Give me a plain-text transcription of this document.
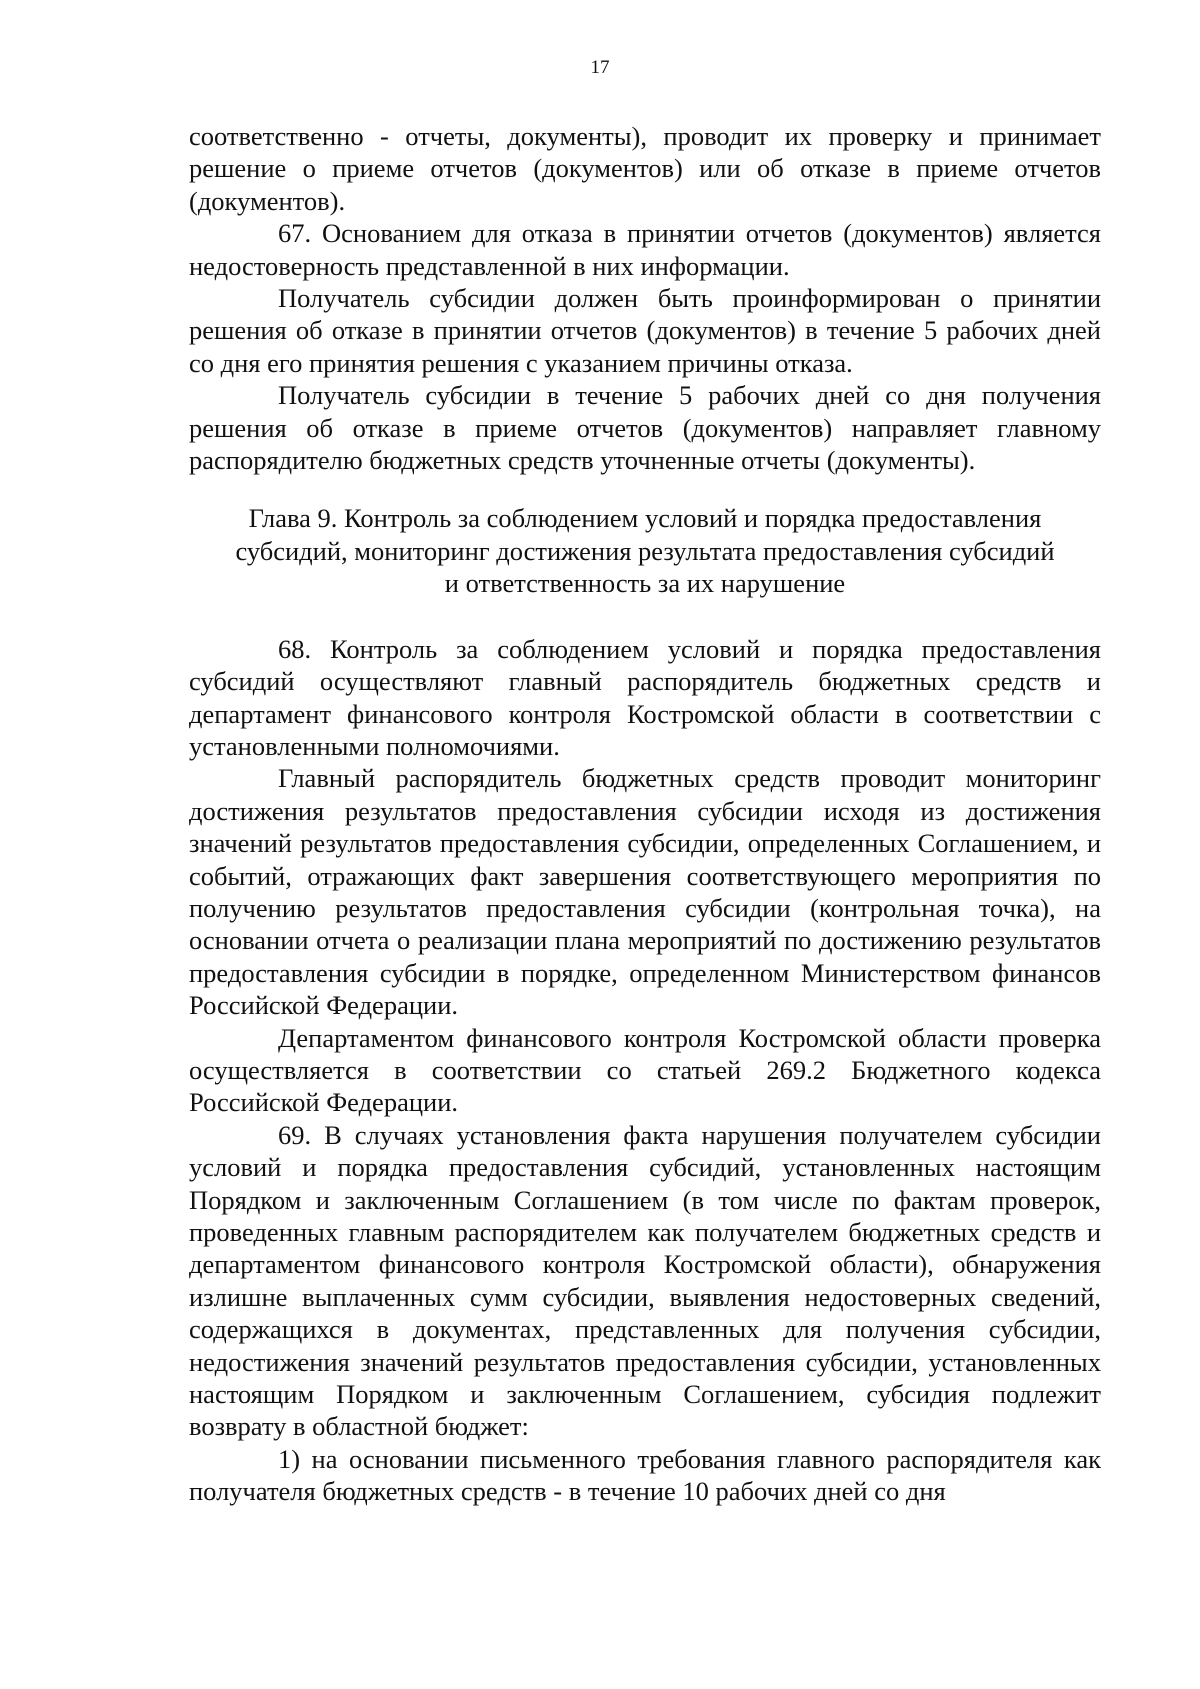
17

соответственно - отчеты, документы), проводит их проверку и принимает решение о приеме отчетов (документов) или об отказе в приеме отчетов (документов).

67. Основанием для отказа в принятии отчетов (документов) является недостоверность представленной в них информации.

Получатель субсидии должен быть проинформирован о принятии решения об отказе в принятии отчетов (документов) в течение 5 рабочих дней со дня его принятия решения с указанием причины отказа.

Получатель субсидии в течение 5 рабочих дней со дня получения решения об отказе в приеме отчетов (документов) направляет главному распорядителю бюджетных средств уточненные отчеты (документы).

Глава 9. Контроль за соблюдением условий и порядка предоставления
субсидий, мониторинг достижения результата предоставления субсидий
и ответственность за их нарушение

68. Контроль за соблюдением условий и порядка предоставления субсидий осуществляют главный распорядитель бюджетных средств и департамент финансового контроля Костромской области в соответствии с установленными полномочиями.

Главный распорядитель бюджетных средств проводит мониторинг достижения результатов предоставления субсидии исходя из достижения значений результатов предоставления субсидии, определенных Соглашением, и событий, отражающих факт завершения соответствующего мероприятия по получению результатов предоставления субсидии (контрольная точка), на основании отчета о реализации плана мероприятий по достижению результатов предоставления субсидии в порядке, определенном Министерством финансов Российской Федерации.

Департаментом финансового контроля Костромской области проверка осуществляется в соответствии со статьей 269.2 Бюджетного кодекса Российской Федерации.

69. В случаях установления факта нарушения получателем субсидии условий и порядка предоставления субсидий, установленных настоящим Порядком и заключенным Соглашением (в том числе по фактам проверок, проведенных главным распорядителем как получателем бюджетных средств и департаментом финансового контроля Костромской области), обнаружения излишне выплаченных сумм субсидии, выявления недостоверных сведений, содержащихся в документах, представленных для получения субсидии, недостижения значений результатов предоставления субсидии, установленных настоящим Порядком и заключенным Соглашением, субсидия подлежит возврату в областной бюджет:

1) на основании письменного требования главного распорядителя как получателя бюджетных средств - в течение 10 рабочих дней со дня
